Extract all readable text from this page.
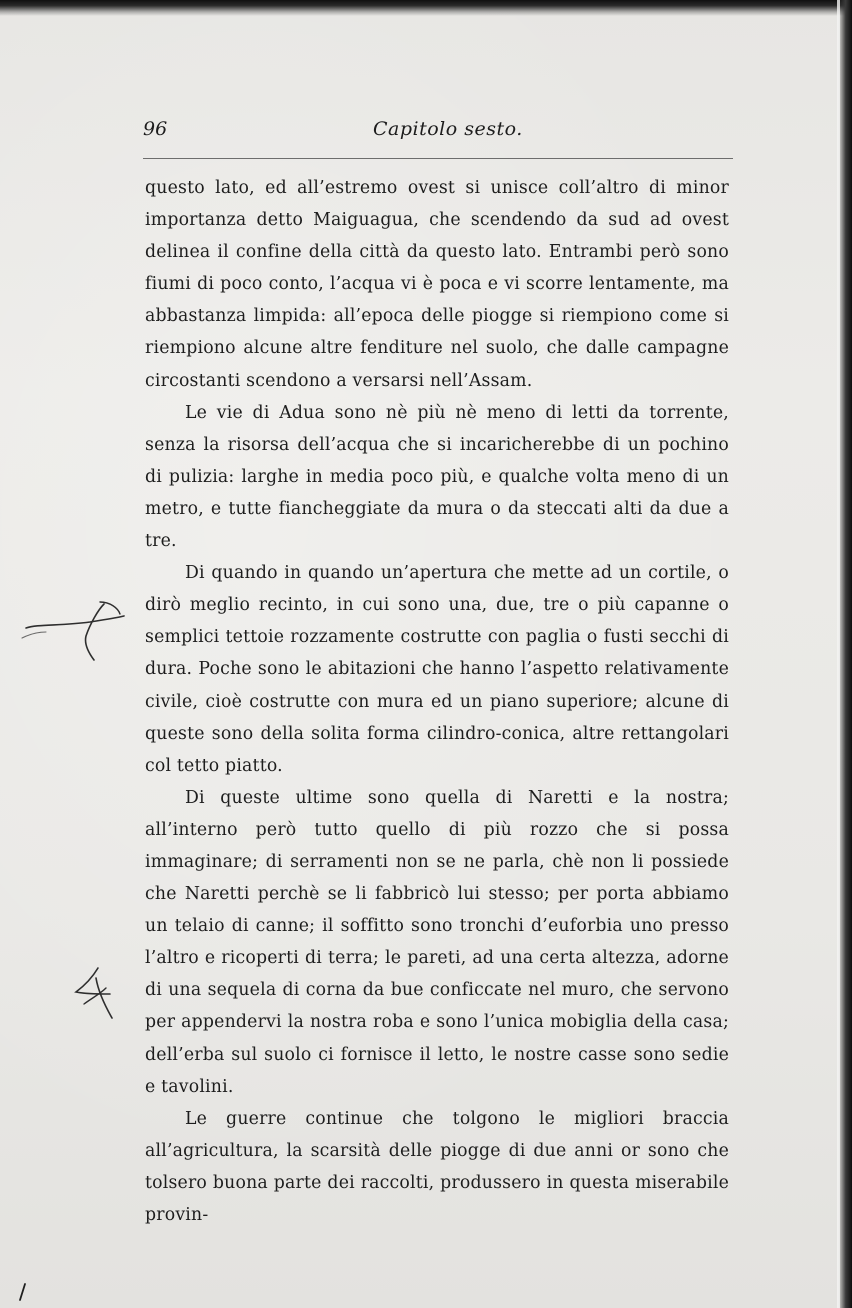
96	Capitolo sesto.

questo lato, ed all’estremo ovest si unisce coll’altro di minor importanza detto Maiguagua, che scendendo da sud ad ovest delinea il confine della città da questo lato. Entrambi però sono fiumi di poco conto, l’acqua vi è poca e vi scorre lentamente, ma abbastanza limpida: all’epoca delle piogge si riempiono come si riempiono alcune altre fenditure nel suolo, che dalle campagne circostanti scendono a versarsi nell’Assam.

Le vie di Adua sono nè più nè meno di letti da torrente, senza la risorsa dell’acqua che si incaricherebbe di un pochino di pulizia: larghe in media poco più, e qualche volta meno di un metro, e tutte fiancheggiate da mura o da steccati alti da due a tre.

Di quando in quando un’apertura che mette ad un cortile, o dirò meglio recinto, in cui sono una, due, tre o più capanne o semplici tettoie rozzamente costrutte con paglia o fusti secchi di dura. Poche sono le abitazioni che hanno l’aspetto relativamente civile, cioè costrutte con mura ed un piano superiore; alcune di queste sono della solita forma cilindro-conica, altre rettangolari col tetto piatto.

Di queste ultime sono quella di Naretti e la nostra; all’interno però tutto quello di più rozzo che si possa immaginare; di serramenti non se ne parla, chè non li possiede che Naretti perchè se li fabbricò lui stesso; per porta abbiamo un telaio di canne; il soffitto sono tronchi d’euforbia uno presso l’altro e ricoperti di terra; le pareti, ad una certa altezza, adorne di una sequela di corna da bue conficcate nel muro, che servono per appendervi la nostra roba e sono l’unica mobiglia della casa; dell’erba sul suolo ci fornisce il letto, le nostre casse sono sedie e tavolini.

Le guerre continue che tolgono le migliori braccia all’agricultura, la scarsità delle piogge di due anni or sono che tolsero buona parte dei raccolti, produssero in questa miserabile provin-
